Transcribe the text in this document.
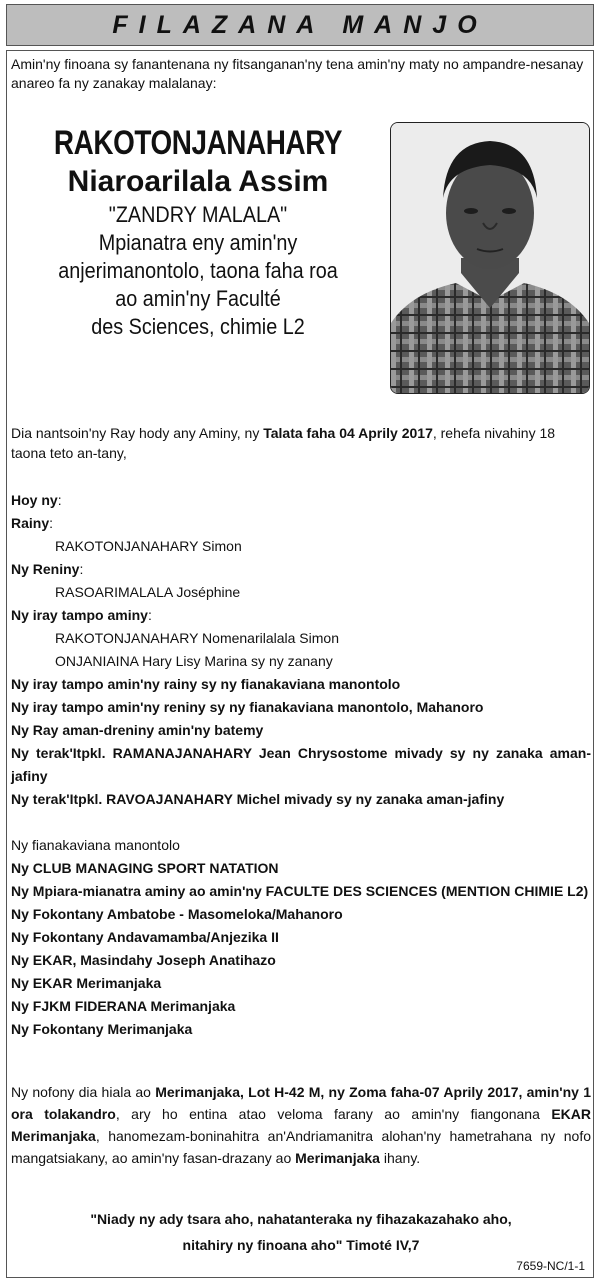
FILAZANA MANJO
Amin'ny finoana sy fanantenana ny fitsanganan'ny tena amin'ny maty no ampandre-nesanay anareo fa ny zanakay malalanay:
RAKOTONJANAHARY
Niaroarilala Assim
"ZANDRY MALALA"
Mpianatra eny amin'ny
anjerimanontolo, taona faha roa
ao amin'ny Faculté
des Sciences, chimie L2
Dia nantsoin'ny Ray hody any Aminy, ny Talata faha 04 Aprily 2017, rehefa nivahiny 18 taona teto an-tany,
Hoy ny:
Rainy:
RAKOTONJANAHARY Simon
Ny Reniny:
RASOARIMALALA Joséphine
Ny iray tampo aminy:
RAKOTONJANAHARY Nomenarilalala Simon
ONJANIAINA Hary Lisy Marina sy ny zanany
Ny iray tampo amin'ny rainy sy ny fianakaviana manontolo
Ny iray tampo amin'ny reniny sy ny fianakaviana manontolo, Mahanoro
Ny Ray aman-dreniny amin'ny batemy
Ny terak'Itpkl. RAMANAJANAHARY Jean Chrysostome mivady sy ny zanaka aman-jafiny
Ny terak'Itpkl. RAVOAJANAHARY Michel mivady sy ny zanaka aman-jafiny
Ny fianakaviana manontolo
Ny CLUB MANAGING SPORT NATATION
Ny Mpiara-mianatra aminy ao amin'ny FACULTE DES SCIENCES (MENTION CHIMIE L2)
Ny Fokontany Ambatobe - Masomeloka/Mahanoro
Ny Fokontany Andavamamba/Anjezika II
Ny EKAR, Masindahy Joseph Anatihazo
Ny EKAR Merimanjaka
Ny FJKM FIDERANA Merimanjaka
Ny Fokontany Merimanjaka
Ny nofony dia hiala ao Merimanjaka, Lot H-42 M, ny Zoma faha-07 Aprily 2017, amin'ny 1 ora tolakandro, ary ho entina atao veloma farany ao amin'ny fiangonana EKAR Merimanjaka, hanomezam-boninahitra an'Andriamanitra alohan'ny hametrahana ny nofo mangatsiakany, ao amin'ny fasan-drazany ao Merimanjaka ihany.
"Niady ny ady tsara aho, nahatanteraka ny fihazakazahako aho,
nitahiry ny finoana aho" Timoté IV,7
7659-NC/1-1
